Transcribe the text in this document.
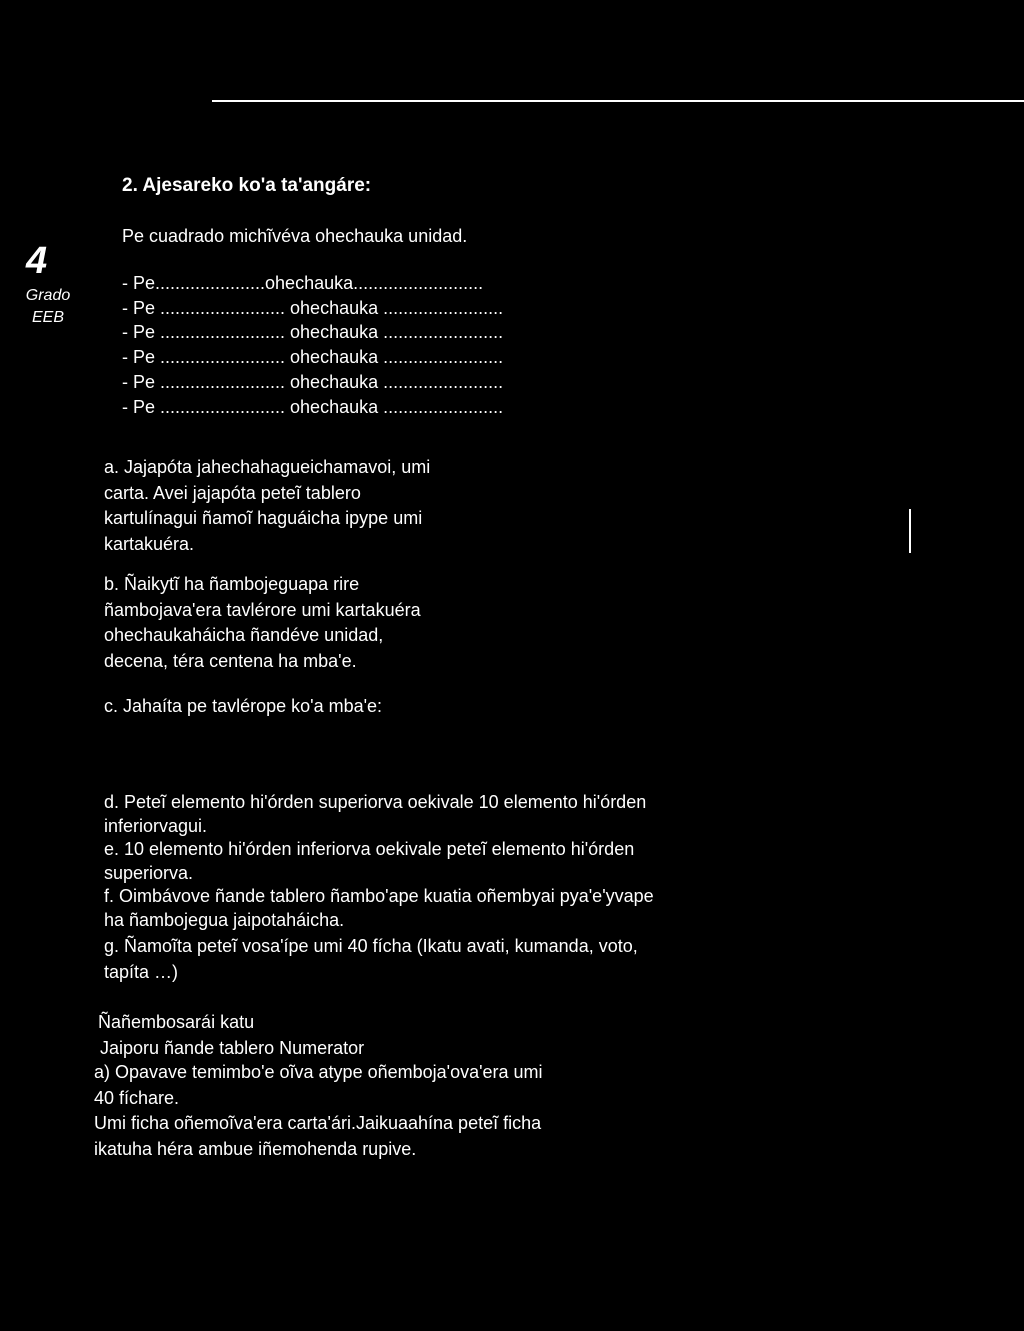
4
Grado
EEB
2. Ajesareko ko'a ta'angáre:
Pe cuadrado michĩvéva ohechauka unidad.
- Pe......................ohechauka..........................
- Pe ......................... ohechauka ........................
- Pe ......................... ohechauka ........................
- Pe ......................... ohechauka ........................
- Pe ......................... ohechauka ........................
- Pe ......................... ohechauka ........................
a. Jajapóta jahechahagueichamavoi, umi
carta. Avei jajapóta peteĩ tablero
kartulínagui ñamoĩ haguáicha ipype umi
kartakuéra.
b. Ñaikytĩ ha ñambojeguapa rire
ñambojava'era tavlérore umi kartakuéra
ohechaukaháicha ñandéve unidad,
decena, téra centena ha mba'e.
c. Jahaíta pe tavlérope ko'a mba'e:
d. Peteĩ elemento hi'órden superiorva oekivale 10 elemento hi'órden
inferiorvagui.
e. 10 elemento hi'órden inferiorva oekivale peteĩ elemento hi'órden
superiorva.
f. Oimbávove ñande tablero ñambo'ape kuatia oñembyai pya'e'yvape
ha ñambojegua jaipotaháicha.
g. Ñamoĩta peteĩ vosa'ípe umi 40 fícha (Ikatu avati, kumanda, voto,
tapíta …)
Ñañembosarái katu
Jaiporu ñande tablero Numerator
a) Opavave temimbo'e oĩva atype oñemboja'ova'era umi
40 fíchare.
Umi ficha oñemoĩva'era carta'ári.Jaikuaahína peteĩ ficha
ikatuha héra ambue iñemohenda rupive.
